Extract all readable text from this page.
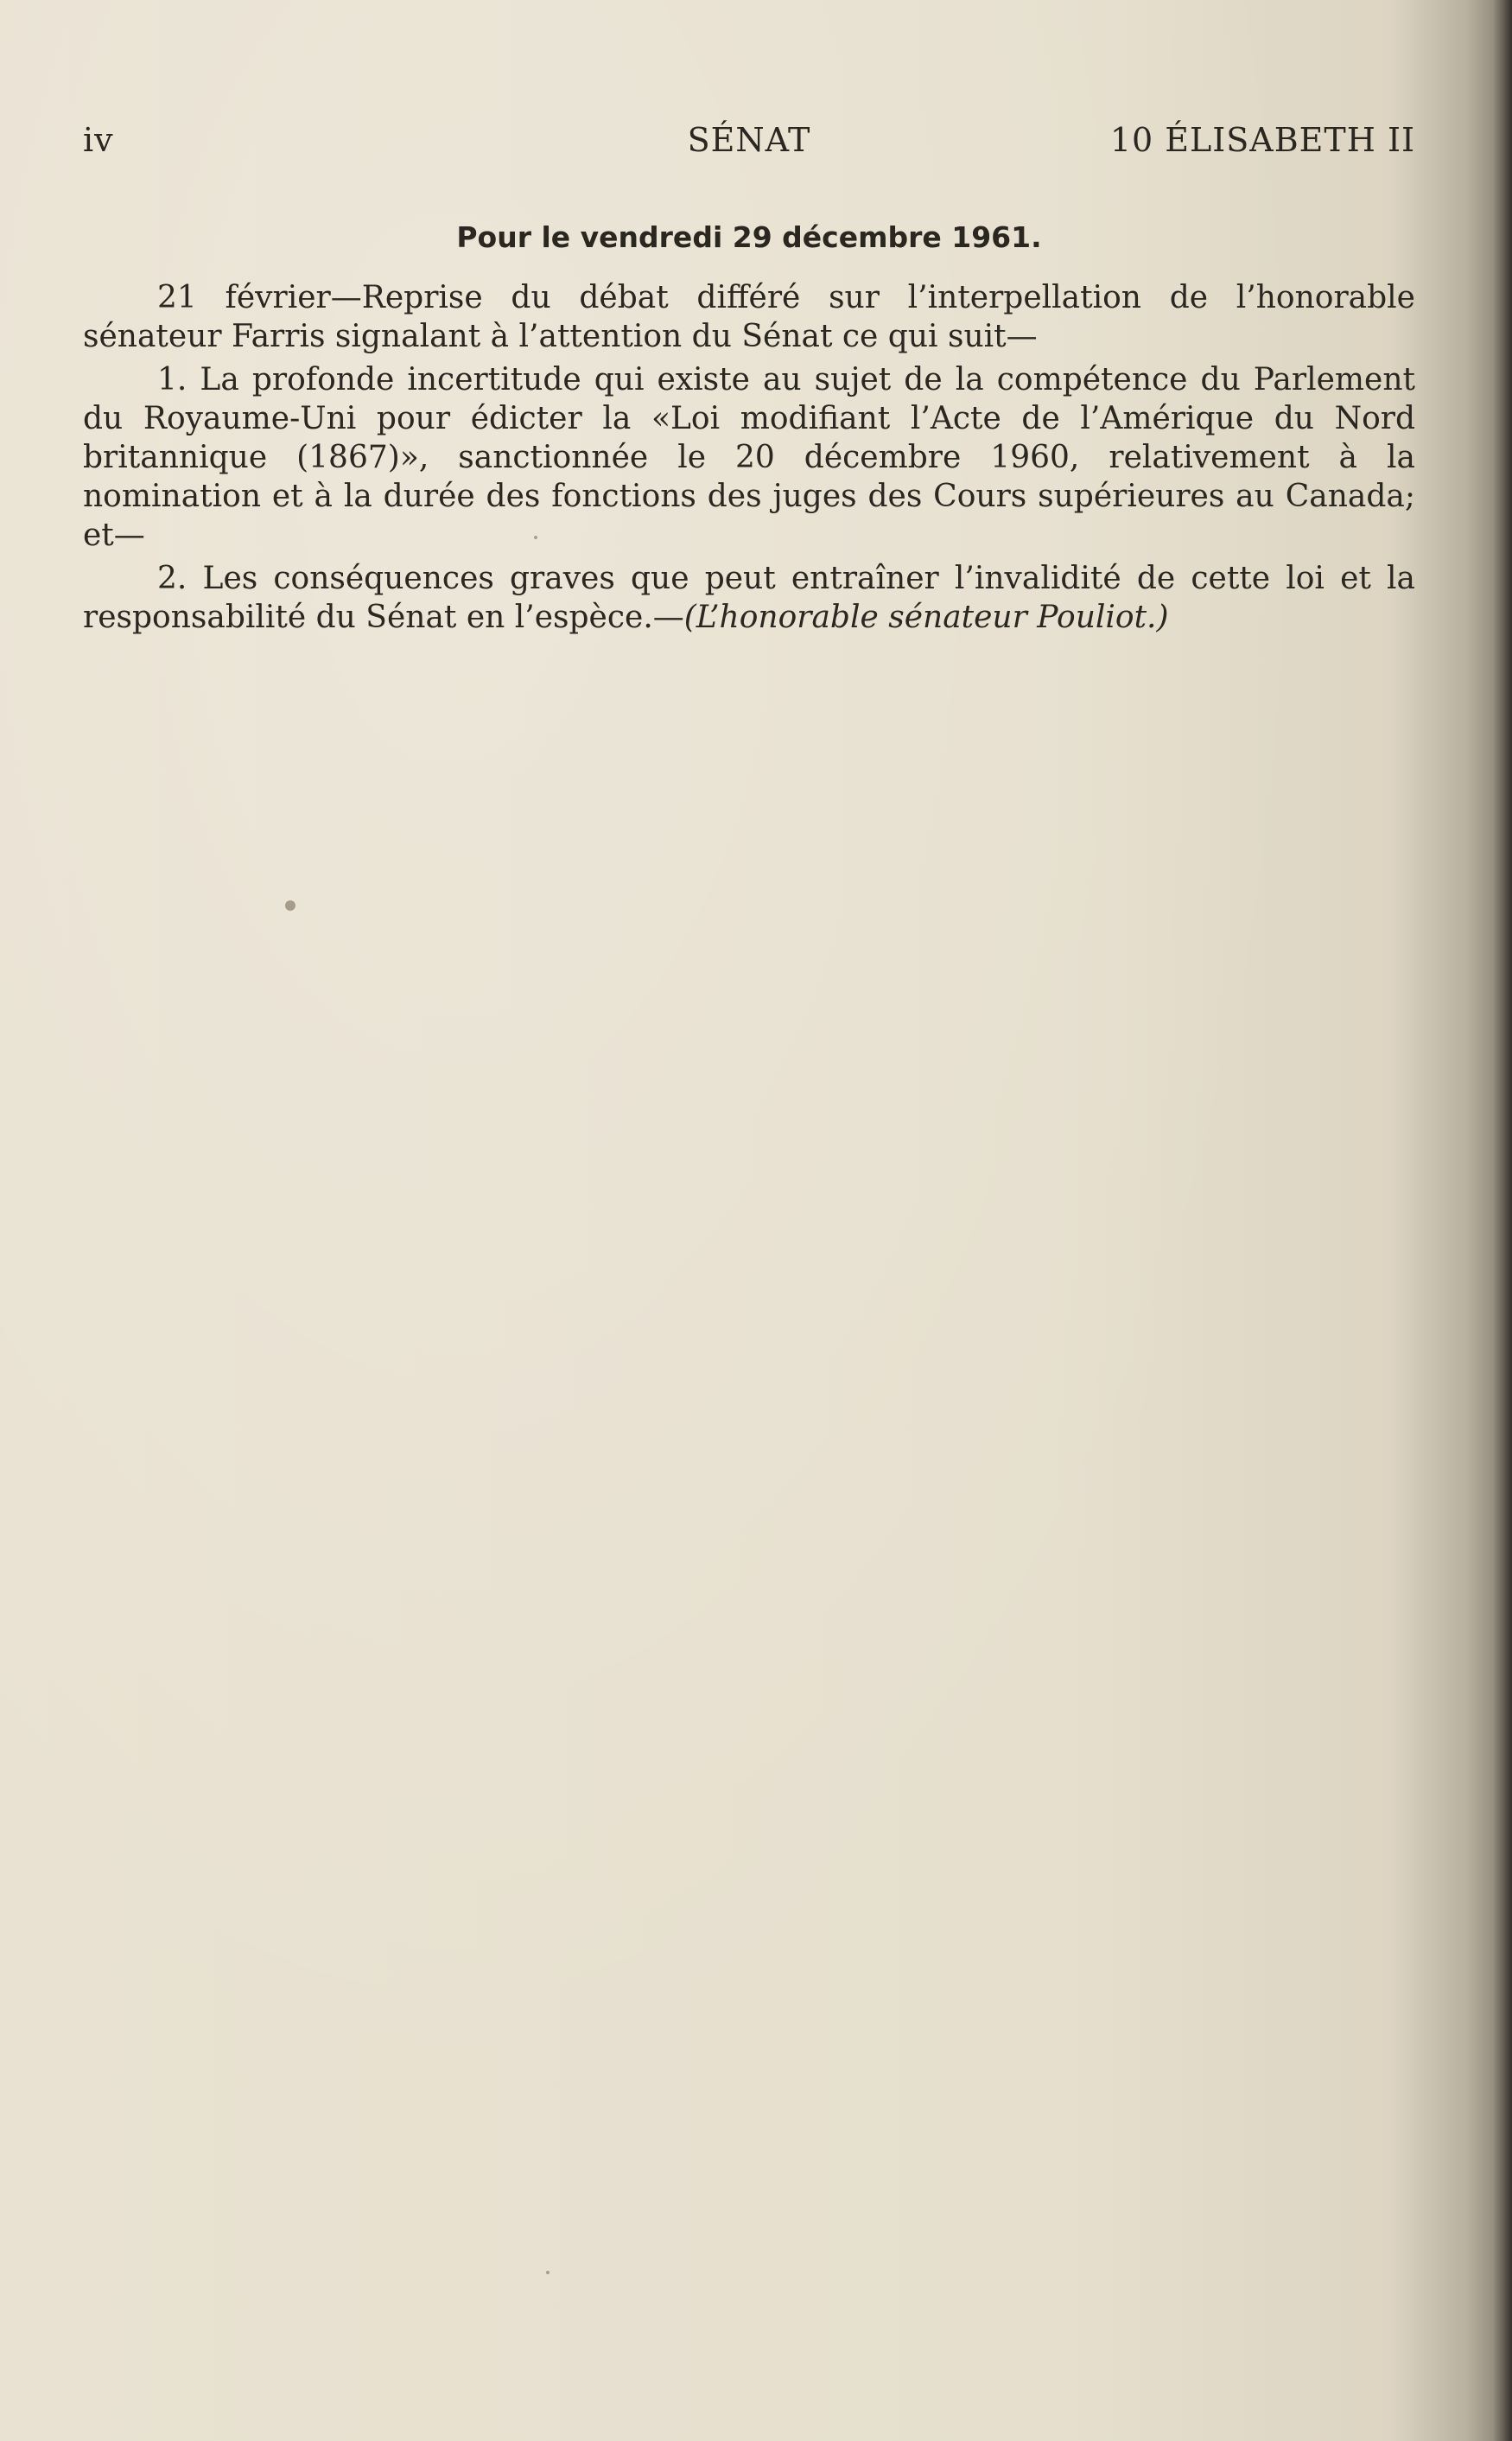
iv	SÉNAT	10 ÉLISABETH II
Pour le vendredi 29 décembre 1961.

21 février—Reprise du débat différé sur l’interpellation de l’honorable sénateur Farris signalant à l’attention du Sénat ce qui suit—

1. La profonde incertitude qui existe au sujet de la compétence du Parlement du Royaume-Uni pour édicter la «Loi modifiant l’Acte de l’Amérique du Nord britannique (1867)», sanctionnée le 20 décembre 1960, relativement à la nomination et à la durée des fonctions des juges des Cours supérieures au Canada; et—

2. Les conséquences graves que peut entraîner l’invalidité de cette loi et la responsabilité du Sénat en l’espèce.—(L’honorable sénateur Pouliot.)
